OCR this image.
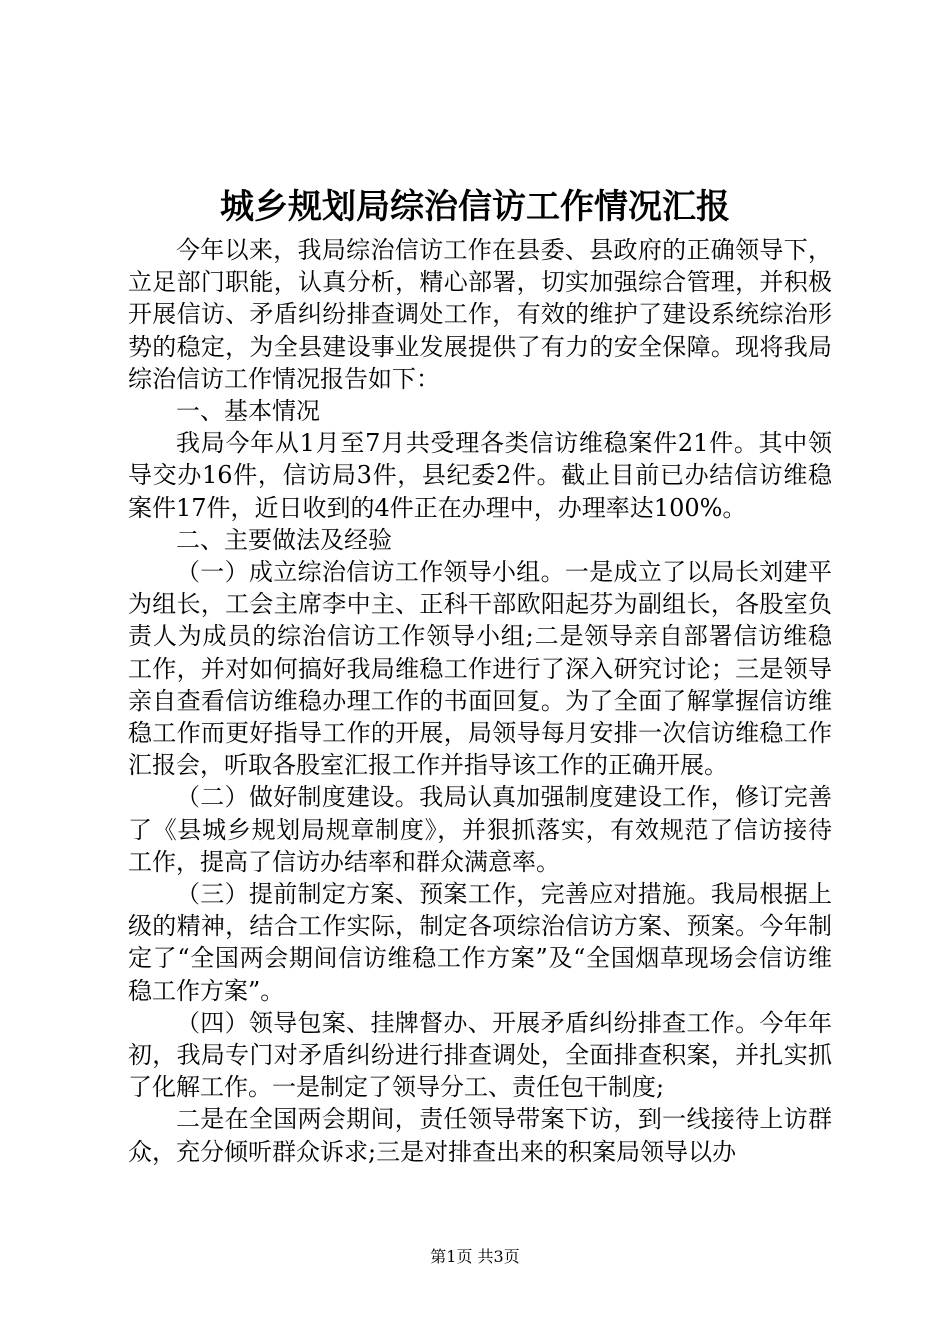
城乡规划局综治信访工作情况汇报

今年以来，我局综治信访工作在县委、县政府的正确领导下，立足部门职能，认真分析，精心部署，切实加强综合管理，并积极开展信访、矛盾纠纷排查调处工作，有效的维护了建设系统综治形势的稳定，为全县建设事业发展提供了有力的安全保障。现将我局综治信访工作情况报告如下：

一、基本情况

我局今年从1月至7月共受理各类信访维稳案件21件。其中领导交办16件，信访局3件，县纪委2件。截止目前已办结信访维稳案件17件，近日收到的4件正在办理中，办理率达100%。

二、主要做法及经验

（一）成立综治信访工作领导小组。一是成立了以局长刘建平为组长，工会主席李中主、正科干部欧阳起芬为副组长，各股室负责人为成员的综治信访工作领导小组;二是领导亲自部署信访维稳工作，并对如何搞好我局维稳工作进行了深入研究讨论；三是领导亲自查看信访维稳办理工作的书面回复。为了全面了解掌握信访维稳工作而更好指导工作的开展，局领导每月安排一次信访维稳工作汇报会，听取各股室汇报工作并指导该工作的正确开展。

（二）做好制度建设。我局认真加强制度建设工作，修订完善了《县城乡规划局规章制度》，并狠抓落实，有效规范了信访接待工作，提高了信访办结率和群众满意率。

（三）提前制定方案、预案工作，完善应对措施。我局根据上级的精神，结合工作实际，制定各项综治信访方案、预案。今年制定了“全国两会期间信访维稳工作方案”及“全国烟草现场会信访维稳工作方案”。

（四）领导包案、挂牌督办、开展矛盾纠纷排查工作。今年年初，我局专门对矛盾纠纷进行排查调处，全面排查积案，并扎实抓了化解工作。一是制定了领导分工、责任包干制度;

二是在全国两会期间，责任领导带案下访，到一线接待上访群众，充分倾听群众诉求;三是对排查出来的积案局领导以办

第1页 共3页
